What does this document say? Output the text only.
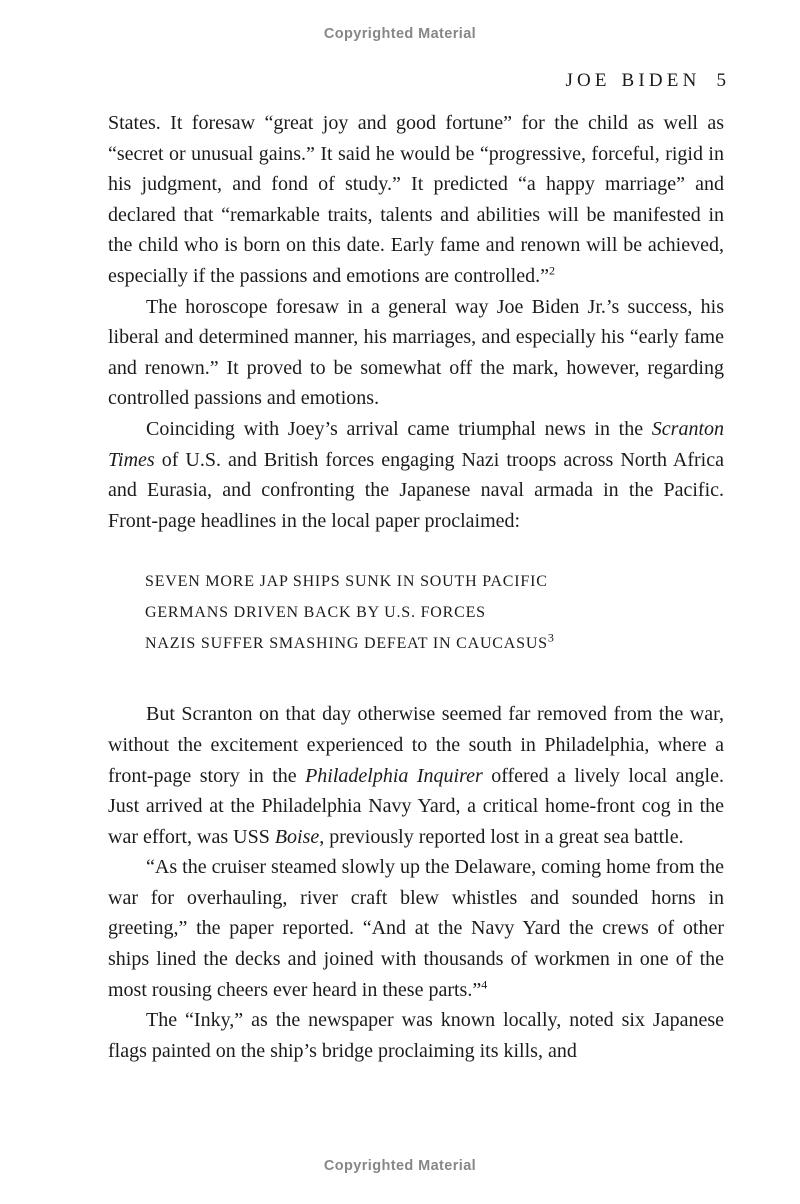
Copyrighted Material
JOE BIDEN 5

States. It foresaw “great joy and good fortune” for the child as well as “secret or unusual gains.” It said he would be “progressive, forceful, rigid in his judgment, and fond of study.” It predicted “a happy marriage” and declared that “remarkable traits, talents and abilities will be manifested in the child who is born on this date. Early fame and renown will be achieved, especially if the passions and emotions are controlled.”$^2$

The horoscope foresaw in a general way Joe Biden Jr.’s success, his liberal and determined manner, his marriages, and especially his “early fame and renown.” It proved to be somewhat off the mark, however, regarding controlled passions and emotions.

Coinciding with Joey’s arrival came triumphal news in the Scranton Times of U.S. and British forces engaging Nazi troops across North Africa and Eurasia, and confronting the Japanese naval armada in the Pacific. Front-page headlines in the local paper proclaimed:

SEVEN MORE JAP SHIPS SUNK IN SOUTH PACIFIC
GERMANS DRIVEN BACK BY U.S. FORCES
NAZIS SUFFER SMASHING DEFEAT IN CAUCASUS$^3$

But Scranton on that day otherwise seemed far removed from the war, without the excitement experienced to the south in Philadelphia, where a front-page story in the Philadelphia Inquirer offered a lively local angle. Just arrived at the Philadelphia Navy Yard, a critical home-front cog in the war effort, was USS Boise, previously reported lost in a great sea battle.

“As the cruiser steamed slowly up the Delaware, coming home from the war for overhauling, river craft blew whistles and sounded horns in greeting,” the paper reported. “And at the Navy Yard the crews of other ships lined the decks and joined with thousands of workmen in one of the most rousing cheers ever heard in these parts.”$^4$

The “Inky,” as the newspaper was known locally, noted six Japanese flags painted on the ship’s bridge proclaiming its kills, and

Copyrighted Material
